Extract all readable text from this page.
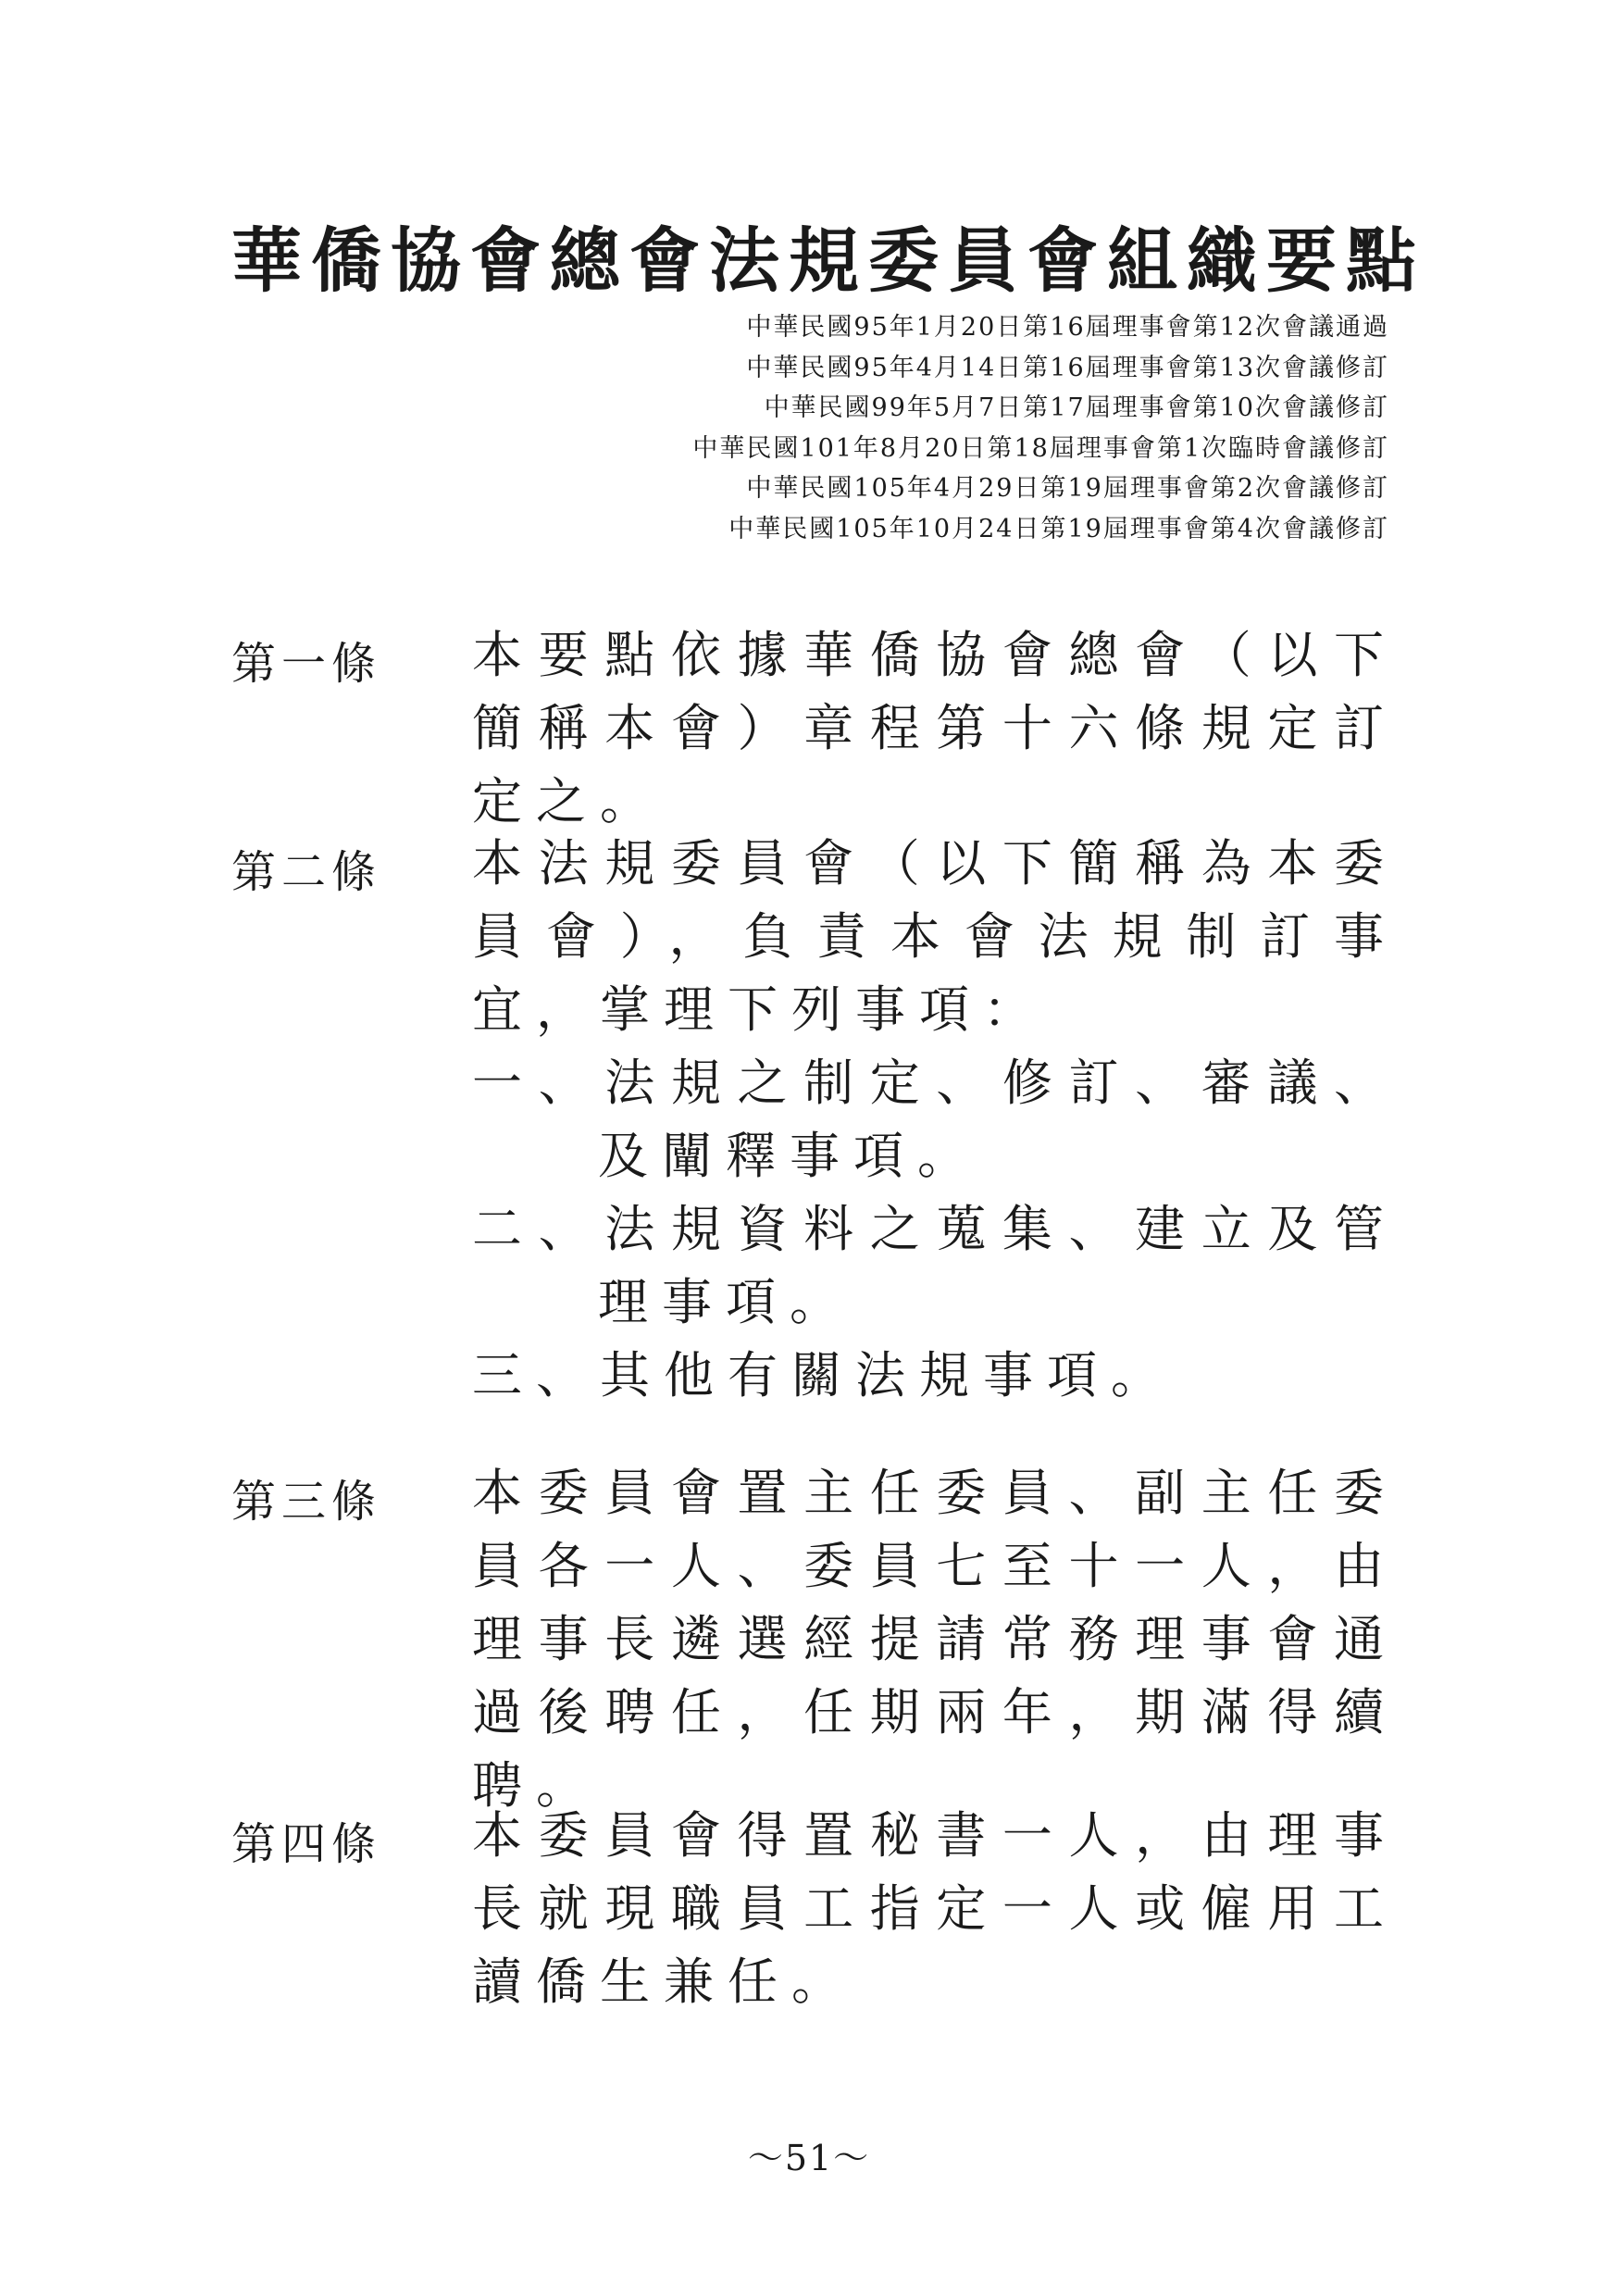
華僑協會總會法規委員會組織要點
中華民國95年1月20日第16屆理事會第12次會議通過
中華民國95年4月14日第16屆理事會第13次會議修訂
中華民國99年5月7日第17屆理事會第10次會議修訂
中華民國101年8月20日第18屆理事會第1次臨時會議修訂
中華民國105年4月29日第19屆理事會第2次會議修訂
中華民國105年10月24日第19屆理事會第4次會議修訂
第一條 本要點依據華僑協會總會（以下簡稱本會）章程第十六條規定訂定之。

第二條 本法規委員會（以下簡稱為本委員會），負責本會法規制訂事宜，掌理下列事項：

一、法規之制定、修訂、審議、及闡釋事項。

二、法規資料之蒐集、建立及管理事項。

三、其他有關法規事項。

第三條 本委員會置主任委員、副主任委員各一人、委員七至十一人，由理事長遴選經提請常務理事會通過後聘任，任期兩年，期滿得續聘。

第四條 本委員會得置秘書一人，由理事長就現職員工指定一人或僱用工讀僑生兼任。

～51～
